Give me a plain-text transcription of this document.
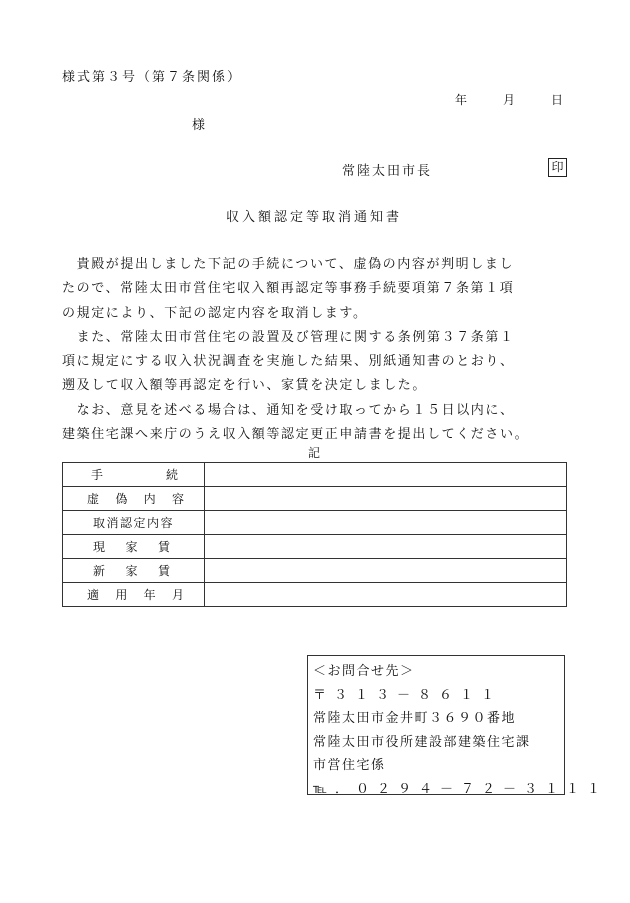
様式第３号（第７条関係）
年	月	日
様
常陸太田市長	印
収入額認定等取消通知書

　貴殿が提出しました下記の手続について、虚偽の内容が判明しまし

たので、常陸太田市営住宅収入額再認定等事務手続要項第７条第１項

の規定により、下記の認定内容を取消します。

　また、常陸太田市営住宅の設置及び管理に関する条例第３７条第１

項に規定にする収入状況調査を実施した結果、別紙通知書のとおり、

遡及して収入額等再認定を行い、家賃を決定しました。

　なお、意見を述べる場合は、通知を受け取ってから１５日以内に、

建築住宅課へ来庁のうえ収入額等認定更正申請書を提出してください。

記
手 続	

虚 偽 内 容	

取消認定内容	

現 家 賃	

新 家 賃	

適 用 年 月	

＜お問合せ先＞
〒３１３－８６１１
常陸太田市金井町３６９０番地
常陸太田市役所建設部建築住宅課
市営住宅係
℡．０２９４－７２－３１１１
